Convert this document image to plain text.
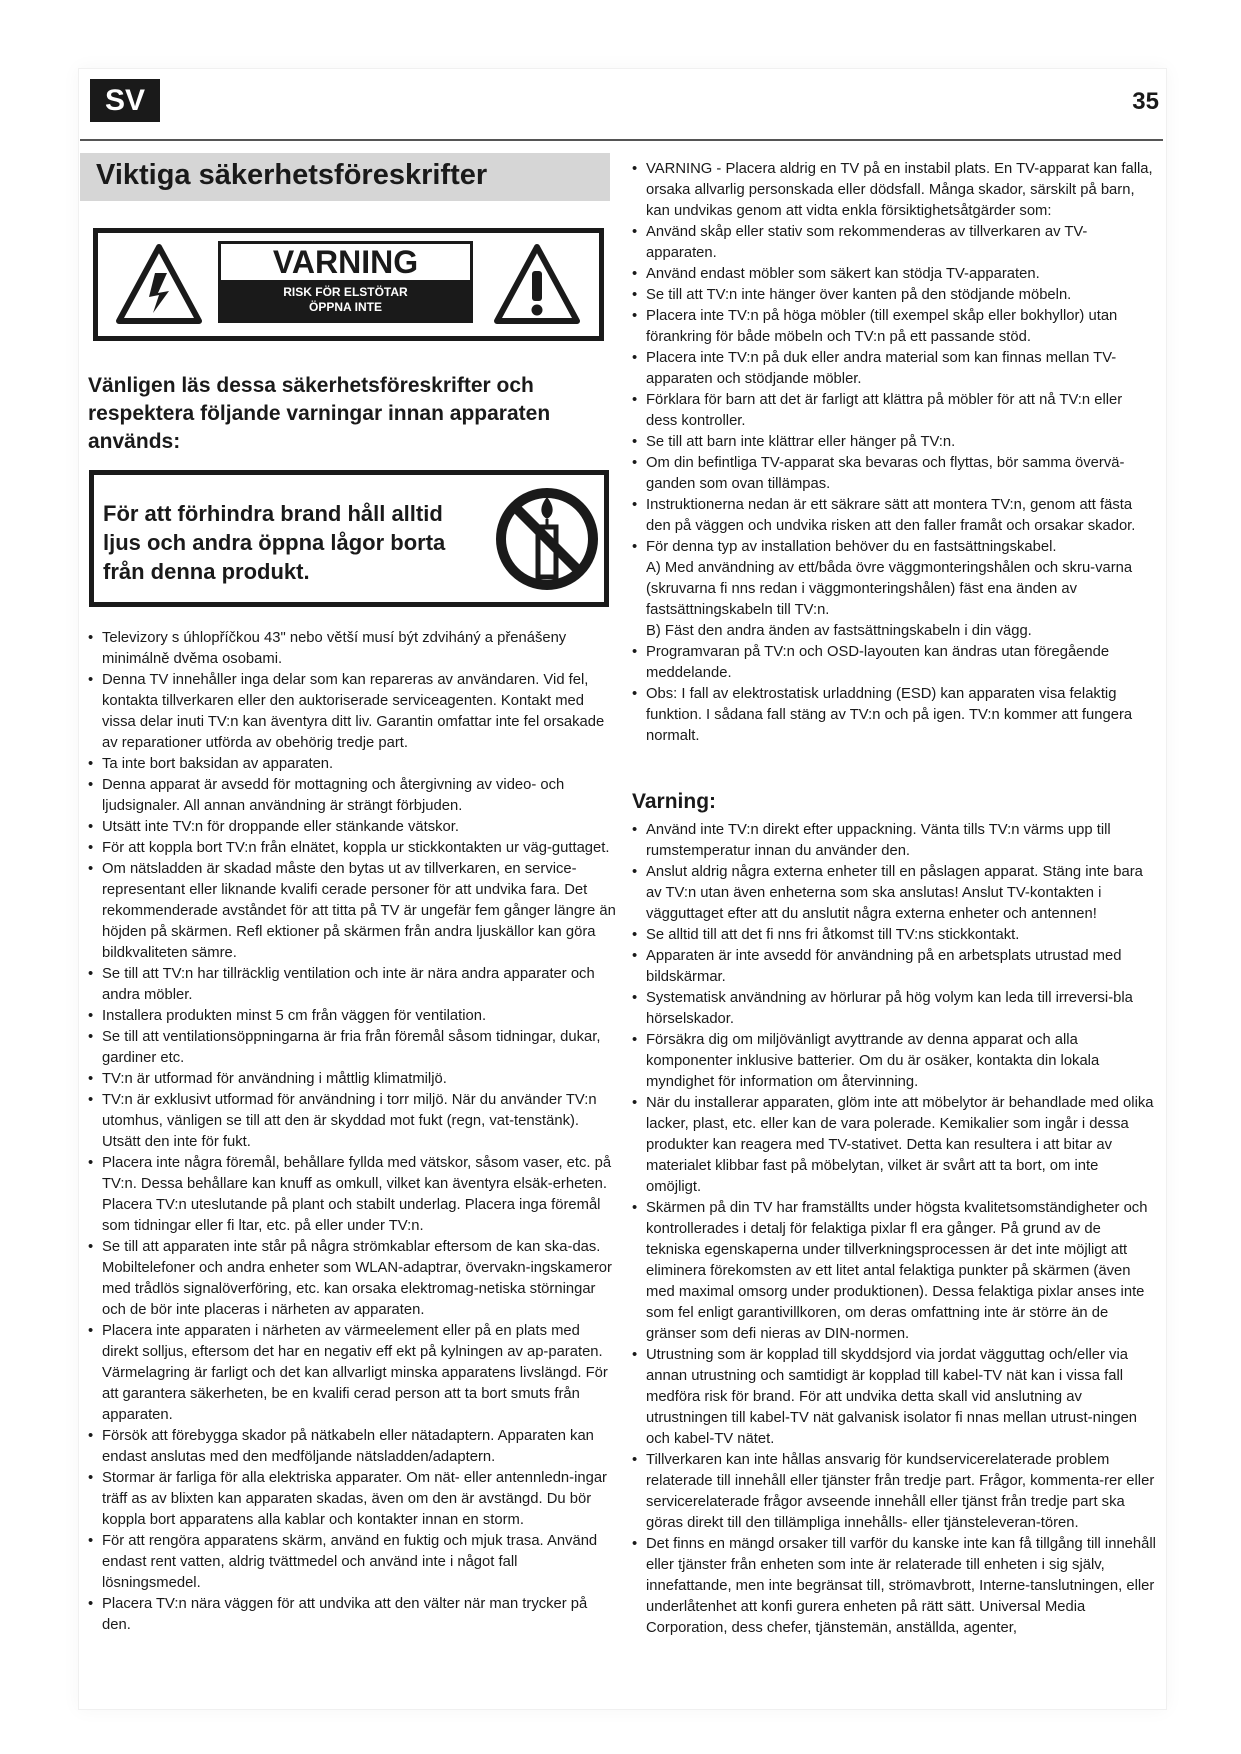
SV	35
Viktiga säkerhetsföreskrifter
VARNING
RISK FÖR ELSTÖTAR
ÖPPNA INTE
Vänligen läs dessa säkerhetsföreskrifter och respektera följande varningar innan apparaten används:

För att förhindra brand håll alltid ljus och andra öppna lågor borta från denna produkt.

• Televizory s úhlopříčkou 43" nebo větší musí být zdviháný a přenášeny minimálně dvěma osobami.
• Denna TV innehåller inga delar som kan repareras av användaren. Vid fel, kontakta tillverkaren eller den auktoriserade serviceagenten. Kontakt med vissa delar inuti TV:n kan äventyra ditt liv. Garantin omfattar inte fel orsakade av reparationer utförda av obehörig tredje part.
• Ta inte bort baksidan av apparaten.
• Denna apparat är avsedd för mottagning och återgivning av video- och ljudsignaler. All annan användning är strängt förbjuden.
• Utsätt inte TV:n för droppande eller stänkande vätskor.
• För att koppla bort TV:n från elnätet, koppla ur stickkontakten ur väg-guttaget.
• Om nätsladden är skadad måste den bytas ut av tillverkaren, en service-representant eller liknande kvalifi cerade personer för att undvika fara. Det rekommenderade avståndet för att titta på TV är ungefär fem gånger längre än höjden på skärmen. Refl ektioner på skärmen från andra ljuskällor kan göra bildkvaliteten sämre.
• Se till att TV:n har tillräcklig ventilation och inte är nära andra apparater och andra möbler.
• Installera produkten minst 5 cm från väggen för ventilation.
• Se till att ventilationsöppningarna är fria från föremål såsom tidningar, dukar, gardiner etc.
• TV:n är utformad för användning i måttlig klimatmiljö.
• TV:n är exklusivt utformad för användning i torr miljö. När du använder TV:n utomhus, vänligen se till att den är skyddad mot fukt (regn, vat-tenstänk). Utsätt den inte för fukt.
• Placera inte några föremål, behållare fyllda med vätskor, såsom vaser, etc. på TV:n. Dessa behållare kan knuff as omkull, vilket kan äventyra elsäk-erheten. Placera TV:n uteslutande på plant och stabilt underlag. Placera inga föremål som tidningar eller fi ltar, etc. på eller under TV:n.
• Se till att apparaten inte står på några strömkablar eftersom de kan ska-das. Mobiltelefoner och andra enheter som WLAN-adaptrar, övervakn-ingskameror med trådlös signalöverföring, etc. kan orsaka elektromag-netiska störningar och de bör inte placeras i närheten av apparaten.
• Placera inte apparaten i närheten av värmeelement eller på en plats med direkt solljus, eftersom det har en negativ eff ekt på kylningen av ap-paraten. Värmelagring är farligt och det kan allvarligt minska apparatens livslängd. För att garantera säkerheten, be en kvalifi cerad person att ta bort smuts från apparaten.
• Försök att förebygga skador på nätkabeln eller nätadaptern. Apparaten kan endast anslutas med den medföljande nätsladden/adaptern.
• Stormar är farliga för alla elektriska apparater. Om nät- eller antennledn-ingar träff as av blixten kan apparaten skadas, även om den är avstängd. Du bör koppla bort apparatens alla kablar och kontakter innan en storm.
• För att rengöra apparatens skärm, använd en fuktig och mjuk trasa. Använd endast rent vatten, aldrig tvättmedel och använd inte i något fall lösningsmedel.
• Placera TV:n nära väggen för att undvika att den välter när man trycker på den.
• VARNING - Placera aldrig en TV på en instabil plats. En TV-apparat kan falla, orsaka allvarlig personskada eller dödsfall. Många skador, särskilt på barn, kan undvikas genom att vidta enkla försiktighetsåtgärder som:
• Använd skåp eller stativ som rekommenderas av tillverkaren av TV-apparaten.
• Använd endast möbler som säkert kan stödja TV-apparaten.
• Se till att TV:n inte hänger över kanten på den stödjande möbeln.
• Placera inte TV:n på höga möbler (till exempel skåp eller bokhyllor) utan förankring för både möbeln och TV:n på ett passande stöd.
• Placera inte TV:n på duk eller andra material som kan finnas mellan TV-apparaten och stödjande möbler.
• Förklara för barn att det är farligt att klättra på möbler för att nå TV:n eller dess kontroller.
• Se till att barn inte klättrar eller hänger på TV:n.
• Om din befintliga TV-apparat ska bevaras och flyttas, bör samma övervä-ganden som ovan tillämpas.
• Instruktionerna nedan är ett säkrare sätt att montera TV:n, genom att fästa den på väggen och undvika risken att den faller framåt och orsakar skador.
• För denna typ av installation behöver du en fastsättningskabel.

A) Med användning av ett/båda övre väggmonteringshålen och skru-varna (skruvarna fi nns redan i väggmonteringshålen) fäst ena änden av fastsättningskabeln till TV:n.

B) Fäst den andra änden av fastsättningskabeln i din vägg.

• Programvaran på TV:n och OSD-layouten kan ändras utan föregående meddelande.
• Obs: I fall av elektrostatisk urladdning (ESD) kan apparaten visa felaktig funktion. I sådana fall stäng av TV:n och på igen. TV:n kommer att fungera normalt.
Varning:
• Använd inte TV:n direkt efter uppackning. Vänta tills TV:n värms upp till rumstemperatur innan du använder den.
• Anslut aldrig några externa enheter till en påslagen apparat. Stäng inte bara av TV:n utan även enheterna som ska anslutas! Anslut TV-kontakten i vägguttaget efter att du anslutit några externa enheter och antennen!
• Se alltid till att det fi nns fri åtkomst till TV:ns stickkontakt.
• Apparaten är inte avsedd för användning på en arbetsplats utrustad med bildskärmar.
• Systematisk användning av hörlurar på hög volym kan leda till irreversi-bla hörselskador.
• Försäkra dig om miljövänligt avyttrande av denna apparat och alla komponenter inklusive batterier. Om du är osäker, kontakta din lokala myndighet för information om återvinning.
• När du installerar apparaten, glöm inte att möbelytor är behandlade med olika lacker, plast, etc. eller kan de vara polerade. Kemikalier som ingår i dessa produkter kan reagera med TV-stativet. Detta kan resultera i att bitar av materialet klibbar fast på möbelytan, vilket är svårt att ta bort, om inte omöjligt.
• Skärmen på din TV har framställts under högsta kvalitetsomständigheter och kontrollerades i detalj för felaktiga pixlar fl era gånger. På grund av de tekniska egenskaperna under tillverkningsprocessen är det inte möjligt att eliminera förekomsten av ett litet antal felaktiga punkter på skärmen (även med maximal omsorg under produktionen). Dessa felaktiga pixlar anses inte som fel enligt garantivillkoren, om deras omfattning inte är större än de gränser som defi nieras av DIN-normen.
• Utrustning som är kopplad till skyddsjord via jordat vägguttag och/eller via annan utrustning och samtidigt är kopplad till kabel-TV nät kan i vissa fall medföra risk för brand. För att undvika detta skall vid anslutning av utrustningen till kabel-TV nät galvanisk isolator fi nnas mellan utrust-ningen och kabel-TV nätet.
• Tillverkaren kan inte hållas ansvarig för kundservicerelaterade problem relaterade till innehåll eller tjänster från tredje part. Frågor, kommenta-rer eller servicerelaterade frågor avseende innehåll eller tjänst från tredje part ska göras direkt till den tillämpliga innehålls- eller tjänsteleveran-tören.
• Det finns en mängd orsaker till varför du kanske inte kan få tillgång till innehåll eller tjänster från enheten som inte är relaterade till enheten i sig själv, innefattande, men inte begränsat till, strömavbrott, Interne-tanslutningen, eller underlåtenhet att konfi gurera enheten på rätt sätt. Universal Media Corporation, dess chefer, tjänstemän, anställda, agenter,
